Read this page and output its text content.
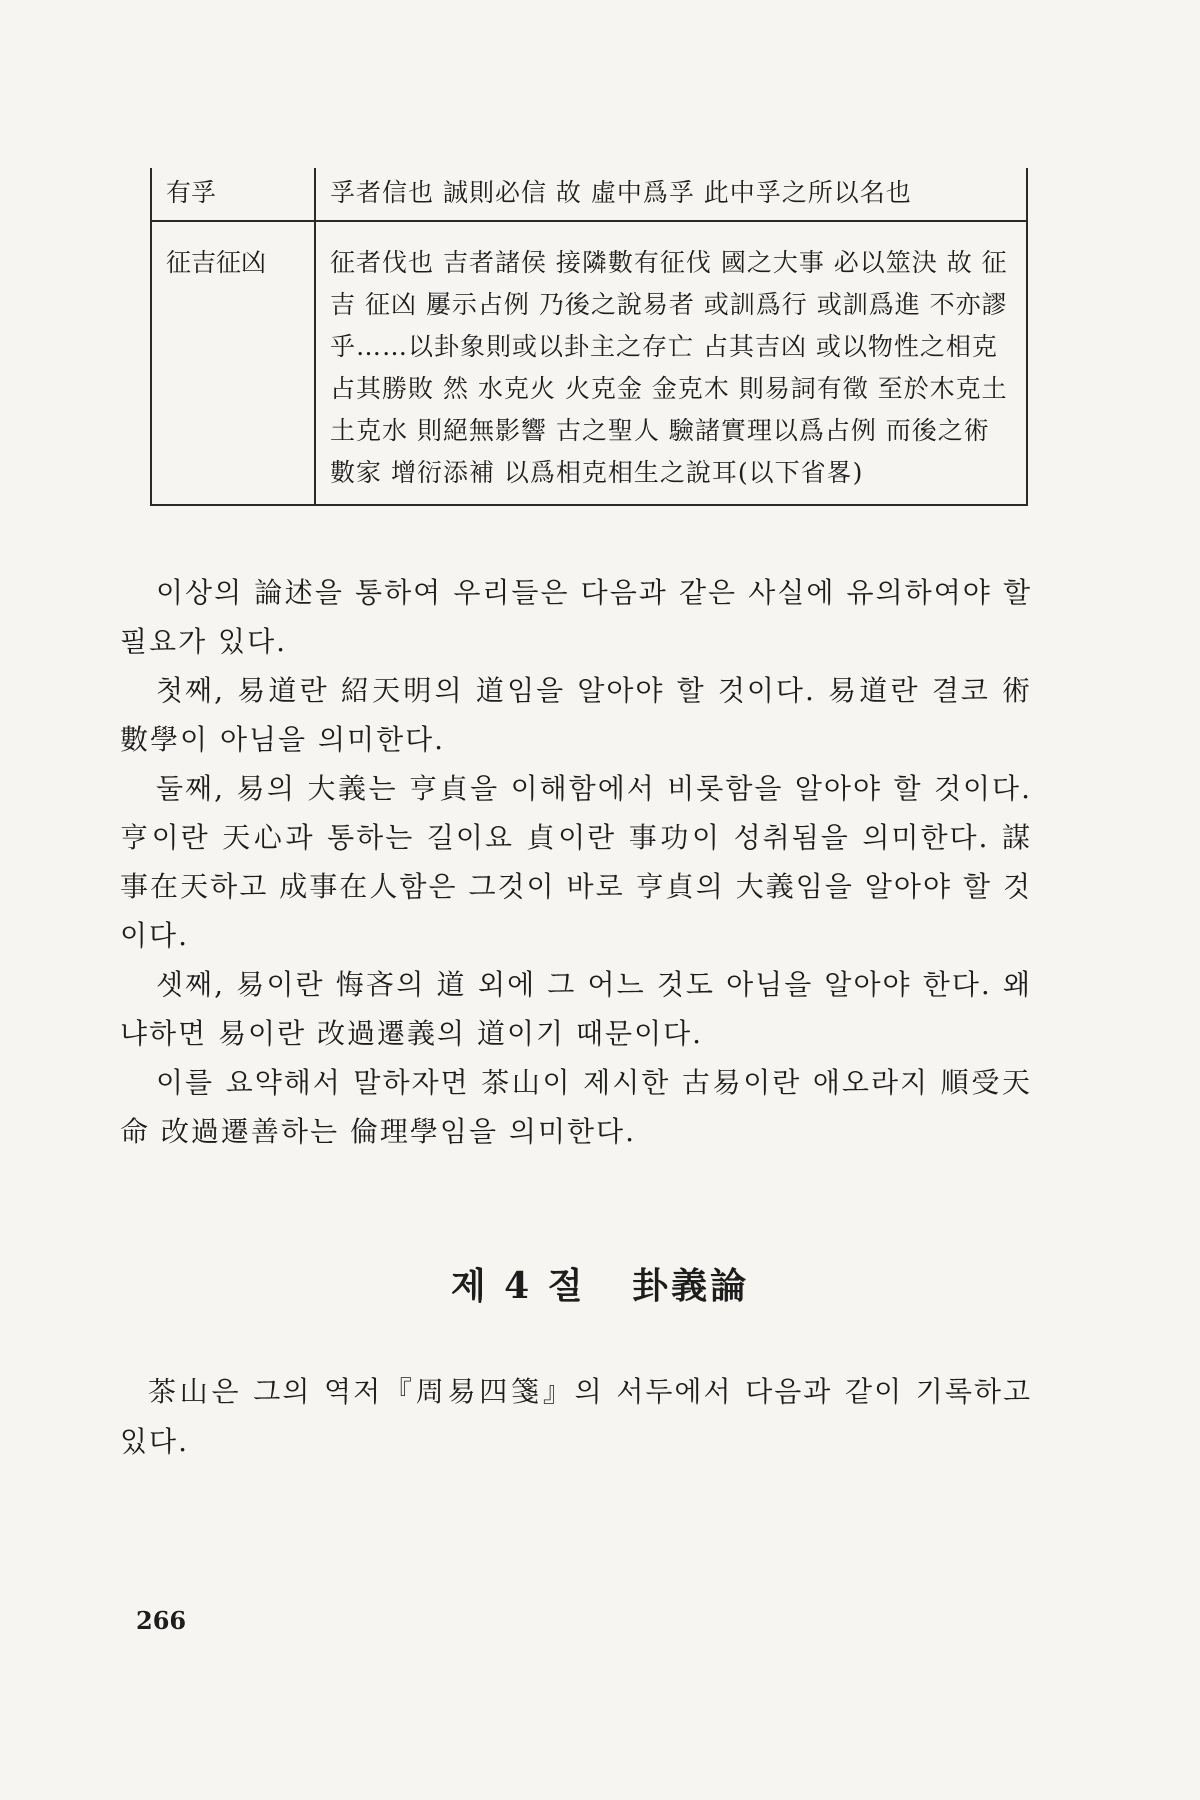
有孚	孚者信也 誠則必信 故 虛中爲孚 此中孚之所以名也
征吉征凶	征者伐也 吉者諸侯 接隣數有征伐 國之大事 必以筮決 故 征吉 征凶 屢示占例 乃後之說易者 或訓爲行 或訓爲進 不亦謬乎……以卦象則或以卦主之存亡 占其吉凶 或以物性之相克 占其勝敗 然 水克火 火克金 金克木 則易詞有徵 至於木克土 土克水 則絕無影響 古之聖人 驗諸實理以爲占例 而後之術數家 增衍添補 以爲相克相生之說耳(以下省畧)

이상의 論述을 통하여 우리들은 다음과 같은 사실에 유의하여야 할 필요가 있다.

첫째, 易道란 紹天明의 道임을 알아야 할 것이다. 易道란 결코 術數學이 아님을 의미한다.

둘째, 易의 大義는 亨貞을 이해함에서 비롯함을 알아야 할 것이다. 亨이란 天心과 통하는 길이요 貞이란 事功이 성취됨을 의미한다. 謀事在天하고 成事在人함은 그것이 바로 亨貞의 大義임을 알아야 할 것이다.

셋째, 易이란 悔吝의 道 외에 그 어느 것도 아님을 알아야 한다. 왜냐하면 易이란 改過遷義의 道이기 때문이다.

이를 요약해서 말하자면 茶山이 제시한 古易이란 애오라지 順受天命 改過遷善하는 倫理學임을 의미한다.

제 4 절   卦義論

茶山은 그의 역저『周易四箋』의 서두에서 다음과 같이 기록하고 있다.

266
